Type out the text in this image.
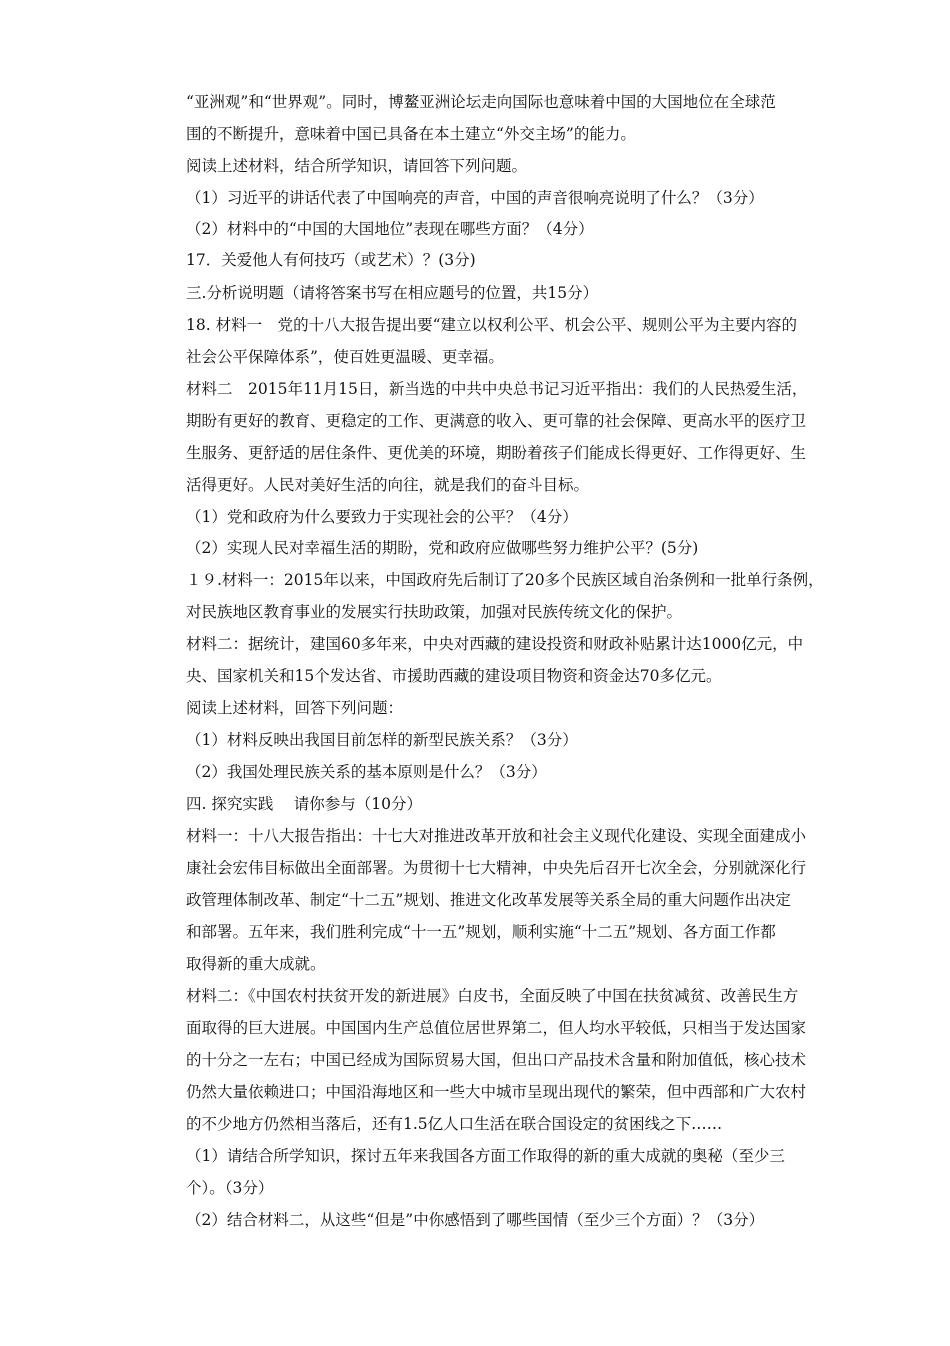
“亚洲观”和“世界观”。同时，博鳌亚洲论坛走向国际也意味着中国的大国地位在全球范
围的不断提升，意味着中国已具备在本土建立“外交主场”的能力。
阅读上述材料，结合所学知识，请回答下列问题。
（1）习近平的讲话代表了中国响亮的声音，中国的声音很响亮说明了什么？（3分）
（2）材料中的“中国的大国地位”表现在哪些方面？（4分）
17．关爱他人有何技巧（或艺术）？(3分)
三.分析说明题（请将答案书写在相应题号的位置，共15分）
18. 材料一　党的十八大报告提出要“建立以权利公平、机会公平、规则公平为主要内容的
社会公平保障体系”，使百姓更温暖、更幸福。
材料二　2015年11月15日，新当选的中共中央总书记习近平指出：我们的人民热爱生活，
期盼有更好的教育、更稳定的工作、更满意的收入、更可靠的社会保障、更高水平的医疗卫
生服务、更舒适的居住条件、更优美的环境，期盼着孩子们能成长得更好、工作得更好、生
活得更好。人民对美好生活的向往，就是我们的奋斗目标。
（1）党和政府为什么要致力于实现社会的公平？（4分）
（2）实现人民对幸福生活的期盼，党和政府应做哪些努力维护公平？(5分)
１９.材料一：2015年以来，中国政府先后制订了20多个民族区域自治条例和一批单行条例，
对民族地区教育事业的发展实行扶助政策，加强对民族传统文化的保护。
材料二：据统计，建国60多年来，中央对西藏的建设投资和财政补贴累计达1000亿元，中
央、国家机关和15个发达省、市援助西藏的建设项目物资和资金达70多亿元。
阅读上述材料，回答下列问题：
（1）材料反映出我国目前怎样的新型民族关系？（3分）
（2）我国处理民族关系的基本原则是什么？（3分）
四. 探究实践　 请你参与（10分）
材料一：十八大报告指出：十七大对推进改革开放和社会主义现代化建设、实现全面建成小
康社会宏伟目标做出全面部署。为贯彻十七大精神，中央先后召开七次全会，分别就深化行
政管理体制改革、制定“十二五”规划、推进文化改革发展等关系全局的重大问题作出决定
和部署。五年来，我们胜利完成“十一五”规划，顺利实施“十二五”规划、各方面工作都
取得新的重大成就。
材料二：《中国农村扶贫开发的新进展》白皮书，全面反映了中国在扶贫减贫、改善民生方
面取得的巨大进展。中国国内生产总值位居世界第二，但人均水平较低，只相当于发达国家
的十分之一左右；中国已经成为国际贸易大国，但出口产品技术含量和附加值低，核心技术
仍然大量依赖进口；中国沿海地区和一些大中城市呈现出现代的繁荣，但中西部和广大农村
的不少地方仍然相当落后，还有1.5亿人口生活在联合国设定的贫困线之下……
（1）请结合所学知识，探讨五年来我国各方面工作取得的新的重大成就的奥秘（至少三
个）。（3分）
（2）结合材料二，从这些“但是”中你感悟到了哪些国情（至少三个方面）？（3分）
